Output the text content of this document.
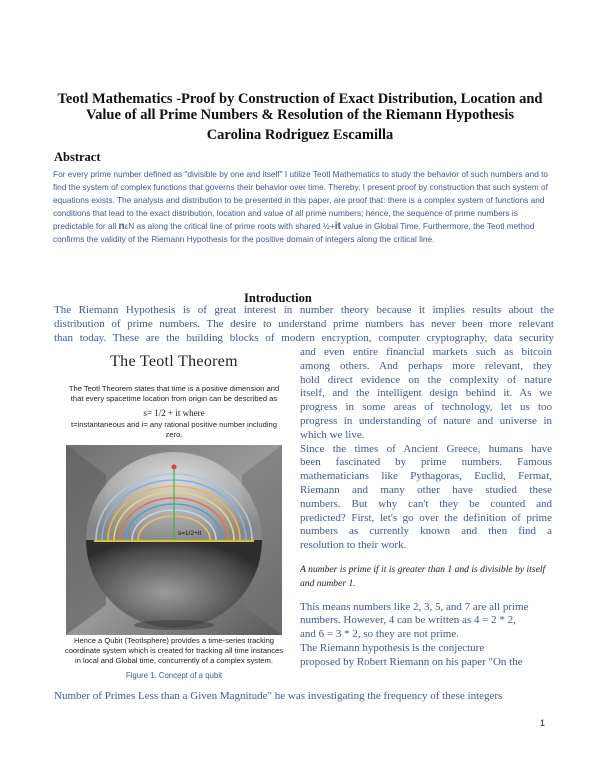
Teotl Mathematics -Proof by Construction of Exact Distribution, Location and Value of all Prime Numbers & Resolution of the Riemann Hypothesis
Carolina Rodriguez Escamilla
Abstract
For every prime number defined as "divisible by one and itself" I utilize Teotl Mathematics to study the behavior of such numbers and to find the system of complex functions that governs their behavior over time. Thereby, I present proof by construction that such system of equations exists. The analysis and distribution to be presented in this paper, are proof that: there is a complex system of functions and conditions that lead to the exact distribution, location and value of all prime numbers; hence, the sequence of prime numbers is predictable for all nεΝ as along the critical line of prime roots with shared ½+it value in Global Time. Furthermore, the Teotl method confirms the validity of the Riemann Hypothesis for the positive domain of integers along the critical line.
Introduction
The Riemann Hypothesis is of great interest in number theory because it implies results about the
distribution of prime numbers. The desire to understand prime numbers has never been more relevant
than today. These are the building blocks of modern encryption, computer cryptography, data security
and even entire financial markets such as bitcoin
among others. And perhaps more relevant, they
hold direct evidence on the complexity of nature
itself, and the intelligent design behind it. As we
progress in some areas of technology, let us too
progress in understanding of nature and universe in
which we live.
Since the times of Ancient Greece, humans have
been fascinated by prime numbers. Famous
mathematicians like Pythagoras, Euclid, Fermat,
Riemann and many other have studied these
numbers. But why can't they be counted and
predicted? First, let's go over the definition of prime
numbers as currently known and then find a
resolution to their work.
A number is prime if it is greater than 1 and is divisible by itself
and number 1.
This means numbers like 2, 3, 5, and 7 are all prime
numbers. However, 4 can be written as 4 = 2 * 2,
and 6 = 3 * 2, so they are not prime.
The Riemann hypothesis is the conjecture
proposed by Robert Riemann on his paper "On the
Number of Primes Less than a Given Magnitude" he was investigating the frequency of these integers
The Teotl Theorem
The Teotl Theorem states that time is a positive dimension and that every spacetime location from origin can be described as
s= 1/2 + it where
t=instantaneous and i= any rational positive number including zero.
s=1/2+it
Hence a Qubit (Teotlsphere) provides a time-series tracking coordinate system which is created for tracking all time instances in local and Global time, concurrently of a complex system.
Figure 1. Concept of a qubit
1
